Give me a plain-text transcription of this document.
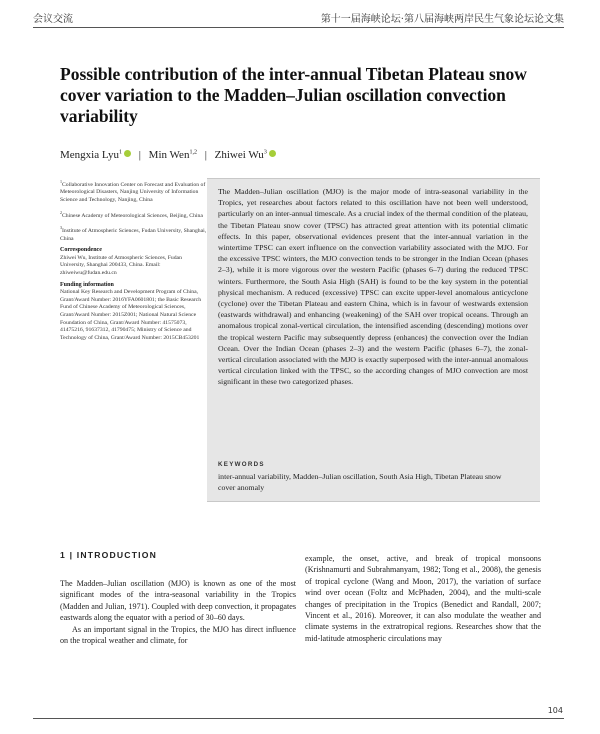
会议交流	第十一届海峡论坛·第八届海峡两岸民生气象论坛论文集
Possible contribution of the inter-annual Tibetan Plateau snow cover variation to the Madden–Julian oscillation convection variability
Mengxia Lyu$^1$ | Min Wen$^{1,2}$ | Zhiwei Wu$^3$

$^1$Collaborative Innovation Center on Forecast and Evaluation of Meteorological Disasters, Nanjing University of Information Science and Technology, Nanjing, China

$^2$Chinese Academy of Meteorological Sciences, Beijing, China

$^3$Institute of Atmospheric Sciences, Fudan University, Shanghai, China

Correspondence

Zhiwei Wu, Institute of Atmospheric Sciences, Fudan University, Shanghai 200433, China. Email: zhiweiwu@fudan.edu.cn

Funding information

National Key Research and Development Program of China, Grant/Award Number: 2016YFA0601801; the Basic Research Fund of Chinese Academy of Meteorological Sciences, Grant/Award Number: 2015Z001; National Natural Science Foundation of China, Grant/Award Number: 41575073, 41475216, 91637312, 41790475; Ministry of Science and Technology of China, Grant/Award Number: 2015CB453201

The Madden–Julian oscillation (MJO) is the major mode of intra-seasonal variability in the Tropics, yet researches about factors related to this oscillation have not been well understood, particularly on an inter-annual timescale. As a crucial index of the thermal condition of the plateau, the Tibetan Plateau snow cover (TPSC) has attracted great attention with its potential climatic effects. In this paper, observational evidences present that the inter-annual variation in the wintertime TPSC can exert influence on the convection variability associated with the MJO. For the excessive TPSC winters, the MJO convection tends to be stronger in the Indian Ocean (phases 2–3), while it is more vigorous over the western Pacific (phases 6–7) during the reduced TPSC winters. Furthermore, the South Asia High (SAH) is found to be the key system in the potential physical mechanism. A reduced (excessive) TPSC can excite upper-level anomalous anticyclone (cyclone) over the Tibetan Plateau and eastern China, which is in favour of westwards extension (eastwards withdrawal) and enhancing (weakening) of the SAH over tropical oceans. Through an anomalous tropical zonal-vertical circulation, the intensified ascending (descending) motions over the tropical western Pacific may subsequently depress (enhances) the convection over the Indian Ocean. Over the Indian Ocean (phases 2–3) and the western Pacific (phases 6–7), the zonal-vertical circulation associated with the MJO is exactly superposed with the inter-annual anomalous vertical circulation linked with the TPSC, so the according changes of MJO convection are most significant in these two categorized phases.

KEYWORDS

inter-annual variability, Madden–Julian oscillation, South Asia High, Tibetan Plateau snow cover anomaly

1 | INTRODUCTION

The Madden–Julian oscillation (MJO) is known as one of the most significant modes of the intra-seasonal variability in the Tropics (Madden and Julian, 1971). Coupled with deep convection, it propagates eastwards along the equator with a period of 30–60 days.

As an important signal in the Tropics, the MJO has direct influence on the tropical weather and climate, for

example, the onset, active, and break of tropical monsoons (Krishnamurti and Subrahmanyam, 1982; Tong et al., 2008), the genesis of tropical cyclone (Wang and Moon, 2017), the variation of surface wind over ocean (Foltz and McPhaden, 2004), and the multi-scale changes of precipitation in the Tropics (Benedict and Randall, 2007; Vincent et al., 2016). Moreover, it can also modulate the weather and climate systems in the extratropical regions. Researches show that the mid-latitude atmospheric circulations may

104
